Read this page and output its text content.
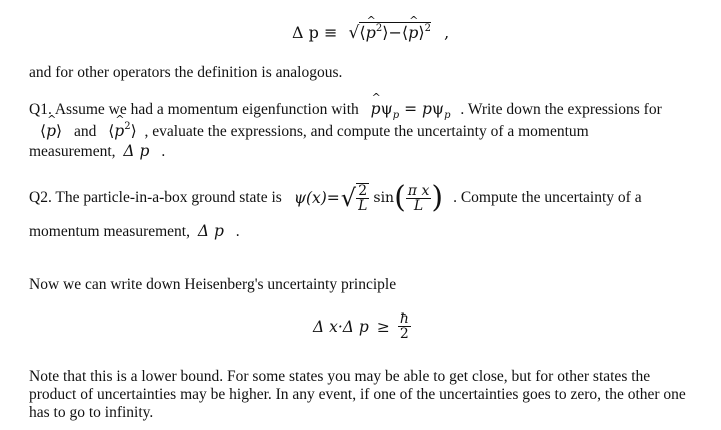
Δ p ≡ √⟨^ $p^2⟩-⟨\^{}$ p⟩$^2$ ,
and for other operators the definition is analogous.
Q1. Assume we had a momentum eigenfunction with ^ $p\psi_p = p\psi_p$ . Write down the expressions for
⟨^ p⟩ and ⟨^ $p^2⟩$ , evaluate the expressions, and compute the uncertainty of a momentum
measurement, Δ p .
Q2. The particle-in-a-box ground state is ψ(x)= √ $\frac{2}{L}$ sin ( $\frac{\text{π x}}{L}$ ) . Compute the uncertainty of a
momentum measurement, Δ p .
Now we can write down Heisenberg's uncertainty principle
Δ x·Δ $p \ge \frac{ħ}{2}$
Note that this is a lower bound. For some states you may be able to get close, but for other states the product of uncertainties may be higher. In any event, if one of the uncertainties goes to zero, the other one has to go to infinity.
